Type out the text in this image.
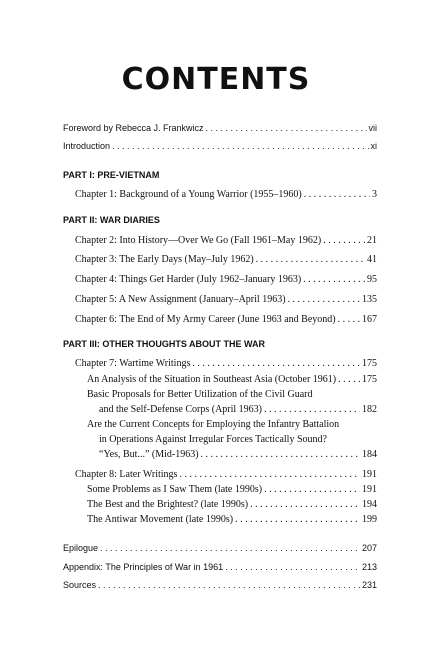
CONTENTS
Foreword by Rebecca J. Frankwicz . . .	vii
Introduction . . .	xi
PART I: PRE-VIETNAM
Chapter 1: Background of a Young Warrior (1955–1960) . . .	3
PART II: WAR DIARIES
Chapter 2: Into History—Over We Go (Fall 1961–May 1962) . . .	21
Chapter 3: The Early Days (May–July 1962) . . .	41
Chapter 4: Things Get Harder (July 1962–January 1963) . . .	95
Chapter 5: A New Assignment (January–April 1963) . . .	135
Chapter 6: The End of My Army Career (June 1963 and Beyond) . . .	167
PART III: OTHER THOUGHTS ABOUT THE WAR
Chapter 7: Wartime Writings . . .	175
An Analysis of the Situation in Southeast Asia (October 1961) . . .	175
Basic Proposals for Better Utilization of the Civil Guard
and the Self-Defense Corps (April 1963) . . .	182
Are the Current Concepts for Employing the Infantry Battalion
in Operations Against Irregular Forces Tactically Sound?
“Yes, But...” (Mid-1963) . . .	184
Chapter 8: Later Writings . . .	191
Some Problems as I Saw Them (late 1990s) . . .	191
The Best and the Brightest? (late 1990s) . . .	194
The Antiwar Movement (late 1990s) . . .	199
Epilogue . . .	207
Appendix: The Principles of War in 1961 . . .	213
Sources . . .	231
